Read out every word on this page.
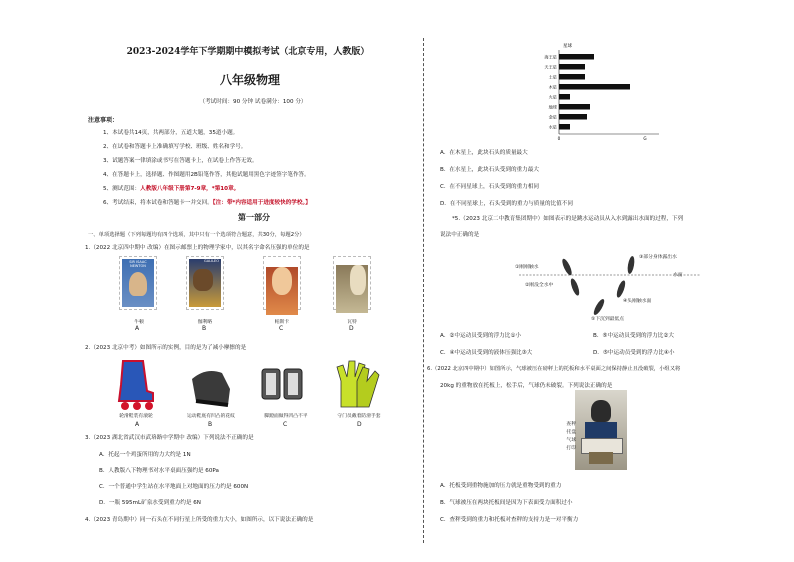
2023-2024学年下学期期中模拟考试（北京专用，人教版）
八年级物理
（考试时间：90 分钟 试卷满分：100 分）
注意事项：
1、本试卷共14页，共两部分，五道大题，35道小题。
2、在试卷和答题卡上准确填写学校、班级、姓名和学号。
3、试题答案一律填涂或书写在答题卡上，在试卷上作答无效。
4、在答题卡上，选择题、作图题用2B铅笔作答，其他试题用黑色字迹签字笔作答。
5、测试范围：人教版八年级下册第7-9章，*第10章。
6、考试结束，将本试卷和答题卡一并交回。【注：带*内容适用于进度较快的学校。】
第一部分
一、单项选择题（下列每题均有四个选项，其中只有一个选项符合题意，共30分，每题2分）
1.（2022 北京四中期中 改编）在图示邮票上的物理学家中，以其名字命名压强的单位的是
SIR ISAAC NEWTON
GALILEO
牛顿	伽利略	帕斯卡	瓦特
A	B	C	D
2.（2023 北京中考）如图所示的实例，目的是为了减小摩擦的是
轮滑鞋装有滚轮	运动鞋底有凹凸的花纹	脚蹬面做得凹凸不平	守门员戴着防滑手套
A	B	C	D
3.（2023 湖北省武汉市武珞路中学期中 改编）下列说法不正确的是
A．托起一个鸡蛋所用的力大约是 1N
B．人教版八下物理书对水平桌面压强约是 60Pa
C．一个普通中学生站在水平地面上对地面的压力约是 600N
D．一瓶 595mL矿泉水受到重力约是 6N
4.（2023 青岛期中）同一石头在不同行星上所受的重力大小，如图所示，以下说法正确的是
星球
海王星
天王星
土星
木星
火星
地球
金星
水星
0	G
A．在木星上，此块石头的质量最大
B．在水星上，此块石头受到的重力最大
C．在不同星球上，石头受到的重力相同
D．在不同星球上，石头受到的重力与质量的比值不同
*5.（2023 北京二中教育集团期中）如图表示的是跳水运动员从入水到露出水面的过程，下列
说法中正确的是
①刚刚触水
②刚没全水中
③部分身体露出水
水面
④头刚触水面
⑤下沉到最低点
A．②中运动员受到的浮力比①小	B．⑤中运动员受到的浮力比②大
C．④中运动员受到的液体压强比③大	D．⑤中运动员受到的浮力比④小
6.（2022 北京四中期中）如图所示，气球被压在磅秤上的托板和水平桌面之间保持静止且没破裂，小组又将
20kg 的重物放在托板上，松手后，气球仍未破裂。下列说法正确的是
查秤
托盘
气球
打印
A．托板受到重物施加的压力就是重物受到的重力
B．气球被压在两块托板间是因为下表面受力面积过小
C．查秤受到的重力和托板对查秤的支持力是一对平衡力
